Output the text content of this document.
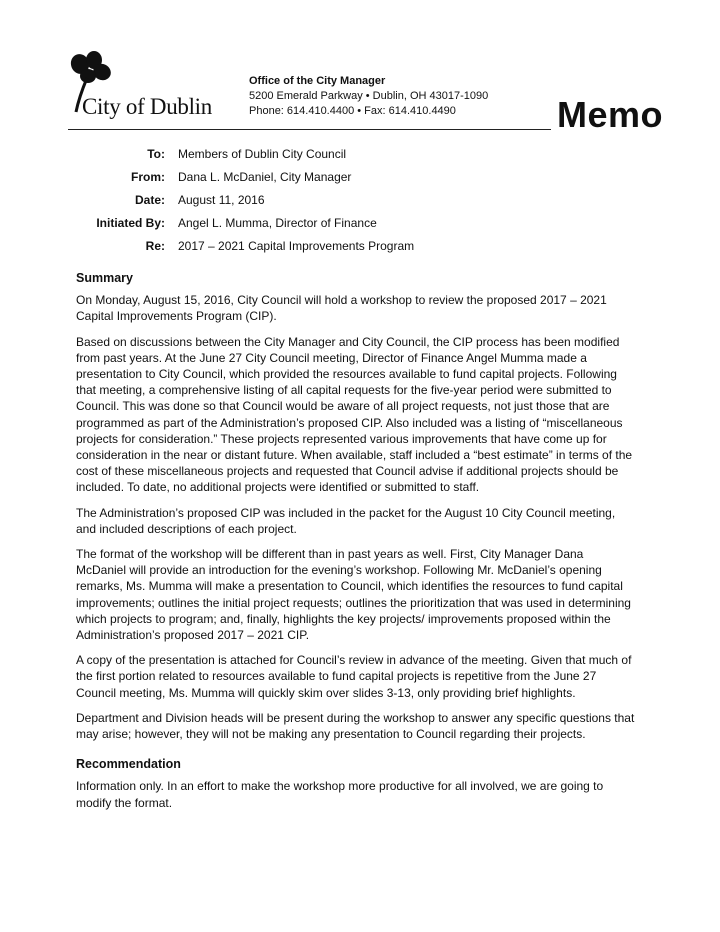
City of Dublin
Office of the City Manager
5200 Emerald Parkway • Dublin, OH 43017-1090
Phone: 614.410.4400 • Fax: 614.410.4490	Memo
To: Members of Dublin City Council
From: Dana L. McDaniel, City Manager
Date: August 11, 2016
Initiated By: Angel L. Mumma, Director of Finance
Re: 2017 – 2021 Capital Improvements Program
Summary

On Monday, August 15, 2016, City Council will hold a workshop to review the proposed 2017 – 2021 Capital Improvements Program (CIP).

Based on discussions between the City Manager and City Council, the CIP process has been modified from past years. At the June 27 City Council meeting, Director of Finance Angel Mumma made a presentation to City Council, which provided the resources available to fund capital projects. Following that meeting, a comprehensive listing of all capital requests for the five-year period were submitted to Council. This was done so that Council would be aware of all project requests, not just those that are programmed as part of the Administration’s proposed CIP. Also included was a listing of “miscellaneous projects for consideration.” These projects represented various improvements that have come up for consideration in the near or distant future. When available, staff included a “best estimate” in terms of the cost of these miscellaneous projects and requested that Council advise if additional projects should be included. To date, no additional projects were identified or submitted to staff.

The Administration’s proposed CIP was included in the packet for the August 10 City Council meeting, and included descriptions of each project.

The format of the workshop will be different than in past years as well. First, City Manager Dana McDaniel will provide an introduction for the evening’s workshop. Following Mr. McDaniel’s opening remarks, Ms. Mumma will make a presentation to Council, which identifies the resources to fund capital improvements; outlines the initial project requests; outlines the prioritization that was used in determining which projects to program; and, finally, highlights the key projects/ improvements proposed within the Administration’s proposed 2017 – 2021 CIP.

A copy of the presentation is attached for Council’s review in advance of the meeting. Given that much of the first portion related to resources available to fund capital projects is repetitive from the June 27 Council meeting, Ms. Mumma will quickly skim over slides 3-13, only providing brief highlights.

Department and Division heads will be present during the workshop to answer any specific questions that may arise; however, they will not be making any presentation to Council regarding their projects.

Recommendation

Information only. In an effort to make the workshop more productive for all involved, we are going to modify the format.
